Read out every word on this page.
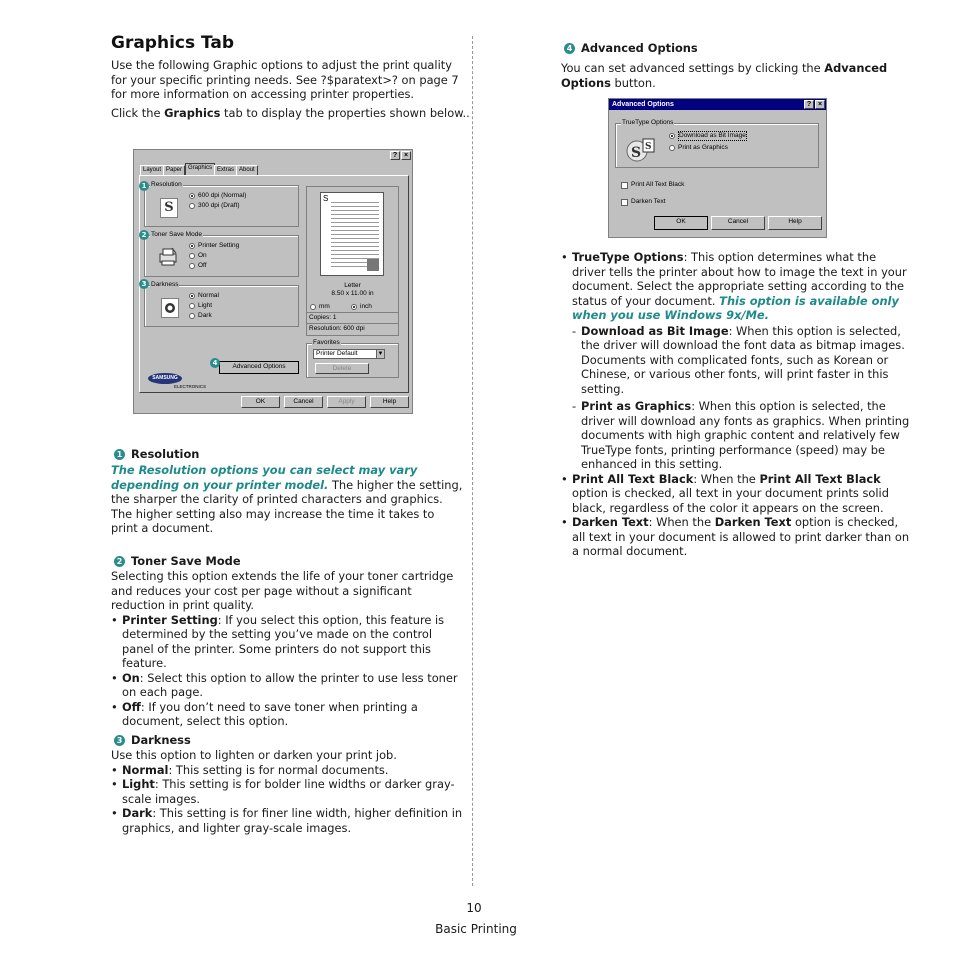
Graphics Tab
Use the following Graphic options to adjust the print quality for your specific printing needs. See ?$paratext>? on page 7 for more information on accessing printer properties.
Click the Graphics tab to display the properties shown below..
? ×
Layout Paper Graphics Extras About
Resolution
S
600 dpi (Normal)
300 dpi (Draft)
Toner Save Mode
Printer Setting
On
Off
Darkness
Normal
Light
Dark
Advanced Options
S
Letter
8.50 x 11.00 in
mm	inch
Copies: 1
Resolution: 600 dpi
Favorites
Printer Default	▼
Delete
SAMSUNG
ELECTRONICS
OK	Cancel	Apply	Help
1
2
3
4
1 Resolution
The Resolution options you can select may vary depending on your printer model. The higher the setting, the sharper the clarity of printed characters and graphics. The higher setting also may increase the time it takes to print a document.
2 Toner Save Mode
Selecting this option extends the life of your toner cartridge and reduces your cost per page without a significant reduction in print quality.
• Printer Setting: If you select this option, this feature is determined by the setting you’ve made on the control panel of the printer. Some printers do not support this feature.
• On: Select this option to allow the printer to use less toner on each page.
• Off: If you don’t need to save toner when printing a document, select this option.
3 Darkness
Use this option to lighten or darken your print job.
• Normal: This setting is for normal documents.
• Light: This setting is for bolder line widths or darker gray-scale images.
• Dark: This setting is for finer line width, higher definition in graphics, and lighter gray-scale images.
4 Advanced Options
You can set advanced settings by clicking the Advanced Options button.
Advanced Options	? ×
TrueType Options
S S
Download as Bit Image
Print as Graphics
Print All Text Black
Darken Text
OK	Cancel	Help
• TrueType Options: This option determines what the driver tells the printer about how to image the text in your document. Select the appropriate setting according to the status of your document. This option is available only when you use Windows 9x/Me.
- Download as Bit Image: When this option is selected, the driver will download the font data as bitmap images. Documents with complicated fonts, such as Korean or Chinese, or various other fonts, will print faster in this setting.
- Print as Graphics: When this option is selected, the driver will download any fonts as graphics. When printing documents with high graphic content and relatively few TrueType fonts, printing performance (speed) may be enhanced in this setting.
• Print All Text Black: When the Print All Text Black option is checked, all text in your document prints solid black, regardless of the color it appears on the screen.
• Darken Text: When the Darken Text option is checked, all text in your document is allowed to print darker than on a normal document.
10
Basic Printing
